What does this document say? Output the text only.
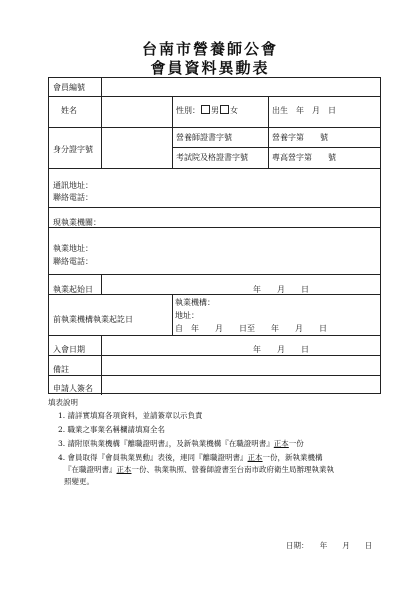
台南市營養師公會
會員資料異動表
會員編號
姓名	性別： 男 女	出生　年　月　日
身分證字號
營養師證書字號	營養字第　　號
考試院及格證書字號	專高營字第　　號
通訊地址：
聯絡電話：
現執業機關：
執業地址：
聯絡電話：
執業起始日	年　　月　　日
前執業機構執業起訖日
執業機構：
地址：
自　年　　月　　日至　　年　　月　　日
入會日期	年　　月　　日
備註
申請人簽名
填表說明
1. 請詳實填寫各項資料，並請簽章以示負責
2. 職業之事業名稱欄請填寫全名
3. 請附原執業機構『離職證明書』，及新執業機構『在職證明書』正本一份
4. 會員取得『會員執業異動』表後，連同『離職證明書』正本一份，新執業機構
『在職證明書』正本一份、執業執照、營養師證書至台南市政府衛生局辦理執業執
照變更。
日期：　　年　　月　　日
